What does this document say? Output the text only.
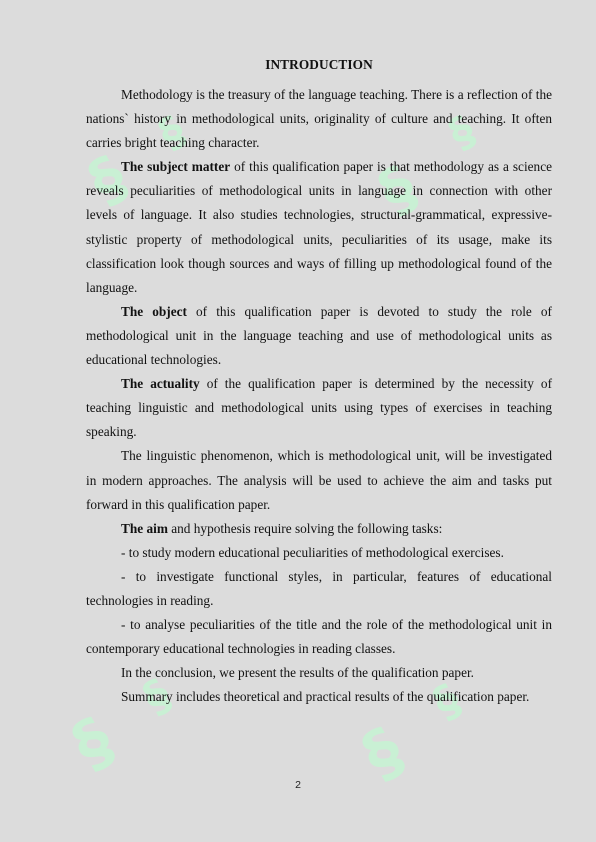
§
§
§
§
§
§
§
§
INTRODUCTION

Methodology is the treasury of the language teaching. There is a reflection of the nations` history in methodological units, originality of culture and teaching. It often carries bright teaching character.

The subject matter of this qualification paper is that methodology as a science reveals peculiarities of methodological units in language in connection with other levels of language. It also studies technologies, structural-grammatical, expressive-stylistic property of methodological units, peculiarities of its usage, make its classification look though sources and ways of filling up methodological found of the language.

The object of this qualification paper is devoted to study the role of methodological unit in the language teaching and use of methodological units as educational technologies.

The actuality of the qualification paper is determined by the necessity of teaching linguistic and methodological units using types of exercises in teaching speaking.

The linguistic phenomenon, which is methodological unit, will be investigated in modern approaches. The analysis will be used to achieve the aim and tasks put forward in this qualification paper.

The aim and hypothesis require solving the following tasks:

- to study modern educational peculiarities of methodological exercises.

- to investigate functional styles, in particular, features of educational technologies in reading.

- to analyse peculiarities of the title and the role of the methodological unit in contemporary educational technologies in reading classes.

In the conclusion, we present the results of the qualification paper.

Summary includes theoretical and practical results of the qualification paper.

2
